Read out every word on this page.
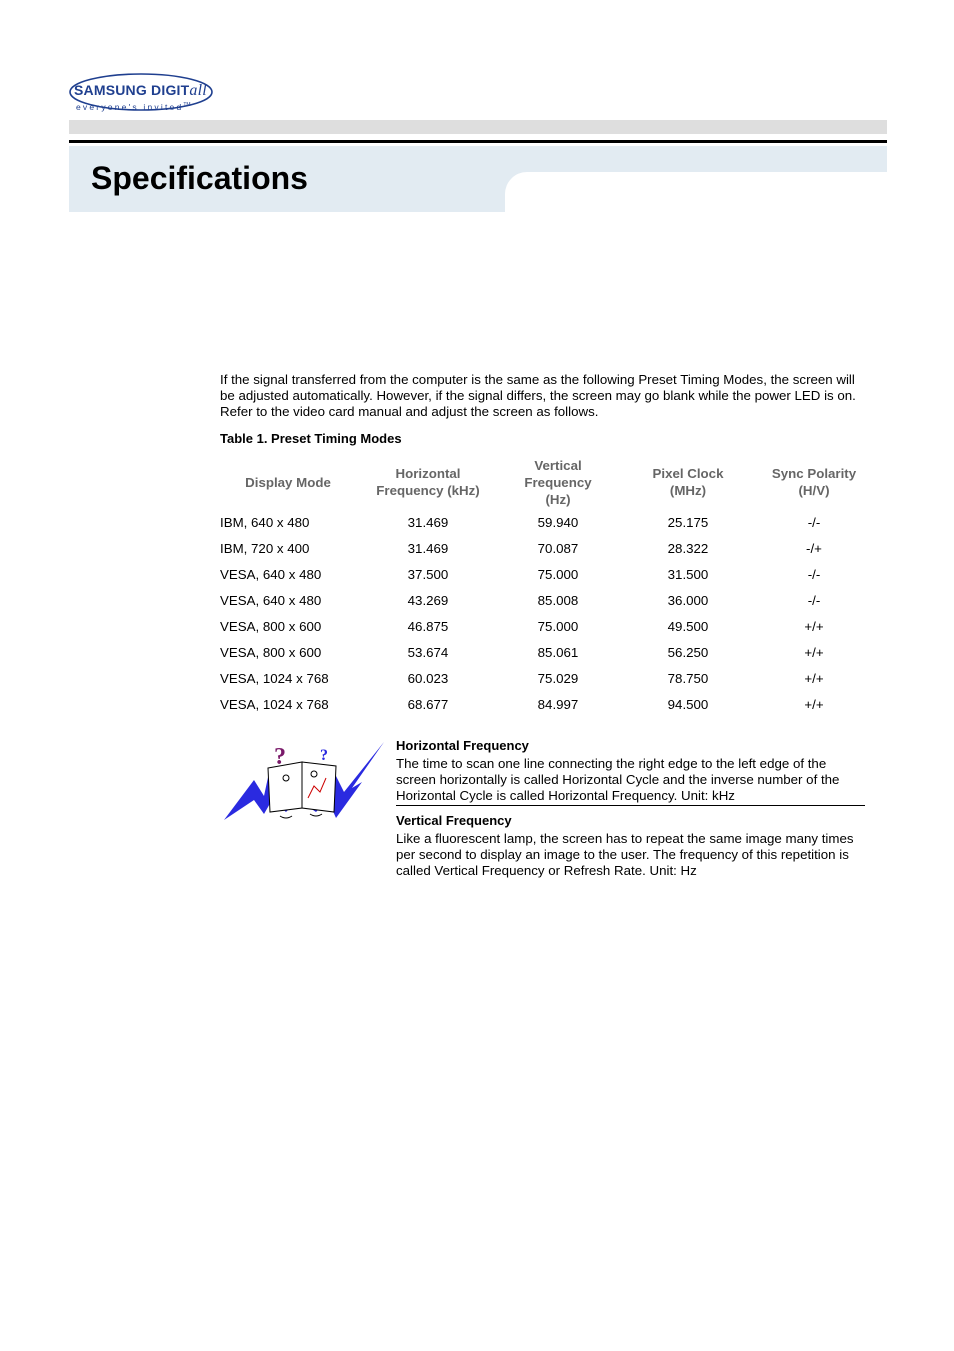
SAMSUNG DIGITall
everyone's invited™
Specifications

If the signal transferred from the computer is the same as the following Preset Timing Modes, the screen will be adjusted automatically. However, if the signal differs, the screen may go blank while the power LED is on. Refer to the video card manual and adjust the screen as follows.

Table 1. Preset Timing Modes

Display Mode	Horizontal Frequency (kHz)	Vertical Frequency (Hz)	Pixel Clock (MHz)	Sync Polarity (H/V)
IBM, 640 x 480	31.469	59.940	25.175	-/-
IBM, 720 x 400	31.469	70.087	28.322	-/+
VESA, 640 x 480	37.500	75.000	31.500	-/-
VESA, 640 x 480	43.269	85.008	36.000	-/-
VESA, 800 x 600	46.875	75.000	49.500	+/+
VESA, 800 x 600	53.674	85.061	56.250	+/+
VESA, 1024 x 768	60.023	75.029	78.750	+/+
VESA, 1024 x 768	68.677	84.997	94.500	+/+
? ?
Horizontal Frequency

The time to scan one line connecting the right edge to the left edge of the screen horizontally is called Horizontal Cycle and the inverse number of the Horizontal Cycle is called Horizontal Frequency. Unit: kHz

Vertical Frequency

Like a fluorescent lamp, the screen has to repeat the same image many times per second to display an image to the user. The frequency of this repetition is called Vertical Frequency or Refresh Rate. Unit: Hz
